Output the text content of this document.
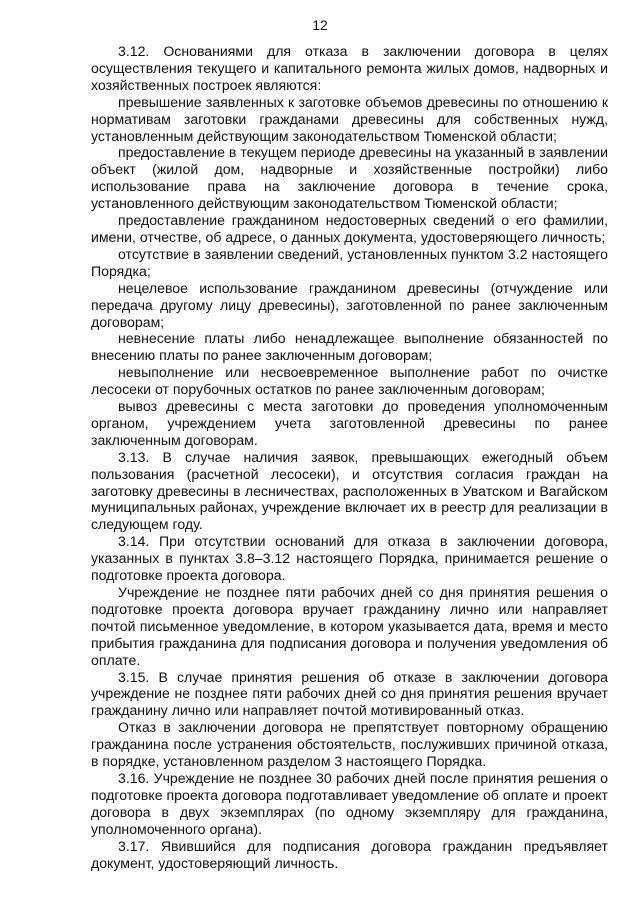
12

3.12. Основаниями для отказа в заключении договора в целях осуществления текущего и капитального ремонта жилых домов, надворных и хозяйственных построек являются:

превышение заявленных к заготовке объемов древесины по отношению к нормативам заготовки гражданами древесины для собственных нужд, установленным действующим законодательством Тюменской области;

предоставление в текущем периоде древесины на указанный в заявлении объект (жилой дом, надворные и хозяйственные постройки) либо использование права на заключение договора в течение срока, установленного действующим законодательством Тюменской области;

предоставление гражданином недостоверных сведений о его фамилии, имени, отчестве, об адресе, о данных документа, удостоверяющего личность;

отсутствие в заявлении сведений, установленных пунктом 3.2 настоящего Порядка;

нецелевое использование гражданином древесины (отчуждение или передача другому лицу древесины), заготовленной по ранее заключенным договорам;

невнесение платы либо ненадлежащее выполнение обязанностей по внесению платы по ранее заключенным договорам;

невыполнение или несвоевременное выполнение работ по очистке лесосеки от порубочных остатков по ранее заключенным договорам;

вывоз древесины с места заготовки до проведения уполномоченным органом, учреждением учета заготовленной древесины по ранее заключенным договорам.

3.13. В случае наличия заявок, превышающих ежегодный объем пользования (расчетной лесосеки), и отсутствия согласия граждан на заготовку древесины в лесничествах, расположенных в Уватском и Вагайском муниципальных районах, учреждение включает их в реестр для реализации в следующем году.

3.14. При отсутствии оснований для отказа в заключении договора, указанных в пунктах 3.8–3.12 настоящего Порядка, принимается решение о подготовке проекта договора.

Учреждение не позднее пяти рабочих дней со дня принятия решения о подготовке проекта договора вручает гражданину лично или направляет почтой письменное уведомление, в котором указывается дата, время и место прибытия гражданина для подписания договора и получения уведомления об оплате.

3.15. В случае принятия решения об отказе в заключении договора учреждение не позднее пяти рабочих дней со дня принятия решения вручает гражданину лично или направляет почтой мотивированный отказ.

Отказ в заключении договора не препятствует повторному обращению гражданина после устранения обстоятельств, послуживших причиной отказа, в порядке, установленном разделом 3 настоящего Порядка.

3.16. Учреждение не позднее 30 рабочих дней после принятия решения о подготовке проекта договора подготавливает уведомление об оплате и проект договора в двух экземплярах (по одному экземпляру для гражданина, уполномоченного органа).

3.17. Явившийся для подписания договора гражданин предъявляет документ, удостоверяющий личность.
